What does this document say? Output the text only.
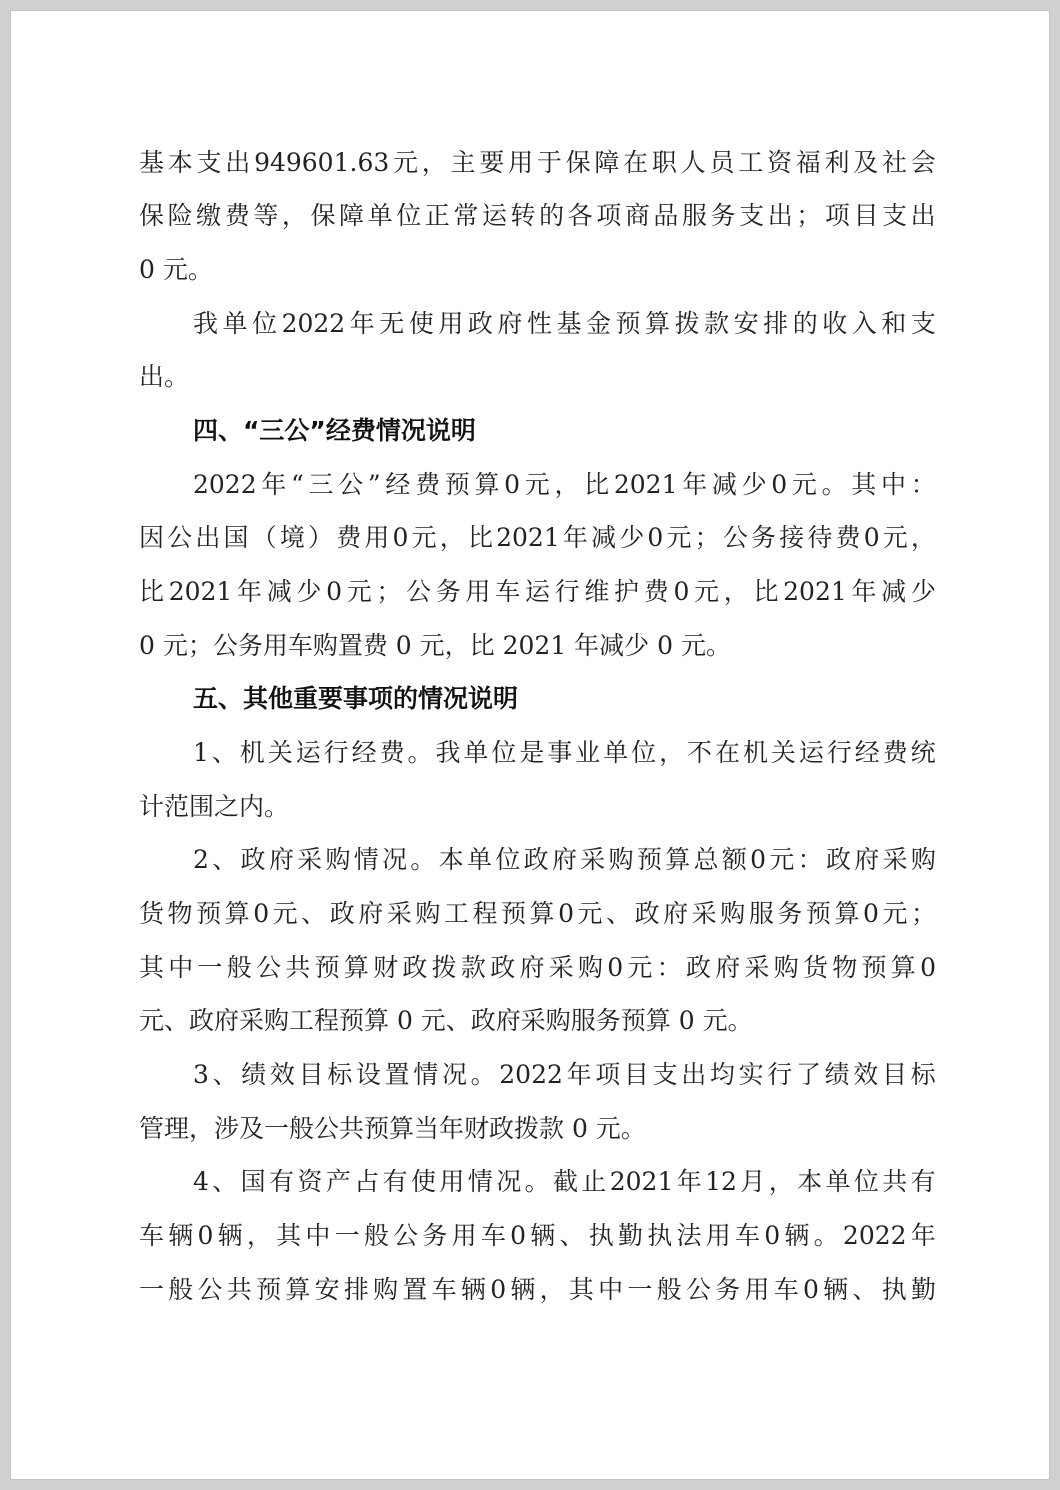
基 本 支 出 949601.63 元 ， 主 要 用 于 保 障 在 职 人 员 工 资 福 利 及 社 会
保 险 缴 费 等 ， 保 障 单 位 正 常 运 转 的 各 项 商 品 服 务 支 出 ； 项 目 支 出
0 元。
我 单 位 2022 年 无 使 用 政 府 性 基 金 预 算 拨 款 安 排 的 收 入 和 支
出。
四、“三公”经费情况说明
2022 年 “ 三 公 ” 经 费 预 算 0 元 ， 比 2021 年 减 少 0 元 。 其 中 ：
因 公 出 国 （ 境 ） 费 用 0 元 ， 比 2021 年 减 少 0 元 ； 公 务 接 待 费 0 元 ，
比 2021 年 减 少 0 元 ； 公 务 用 车 运 行 维 护 费 0 元 ， 比 2021 年 减 少
0 元；公务用车购置费 0 元，比 2021 年减少 0 元。
五、其他重要事项的情况说明
1 、 机 关 运 行 经 费 。 我 单 位 是 事 业 单 位 ， 不 在 机 关 运 行 经 费 统
计范围之内。
2 、 政 府 采 购 情 况 。 本 单 位 政 府 采 购 预 算 总 额 0 元 ： 政 府 采 购
货 物 预 算 0 元 、 政 府 采 购 工 程 预 算 0 元 、 政 府 采 购 服 务 预 算 0 元 ；
其 中 一 般 公 共 预 算 财 政 拨 款 政 府 采 购 0 元 ： 政 府 采 购 货 物 预 算 0
元、政府采购工程预算 0 元、政府采购服务预算 0 元。
3 、 绩 效 目 标 设 置 情 况 。 2022 年 项 目 支 出 均 实 行 了 绩 效 目 标
管理，涉及一般公共预算当年财政拨款 0 元。
4 、 国 有 资 产 占 有 使 用 情 况 。 截 止 2021 年 12 月 ， 本 单 位 共 有
车 辆 0 辆 ， 其 中 一 般 公 务 用 车 0 辆 、 执 勤 执 法 用 车 0 辆 。 2022 年
一 般 公 共 预 算 安 排 购 置 车 辆 0 辆 ， 其 中 一 般 公 务 用 车 0 辆 、 执 勤
